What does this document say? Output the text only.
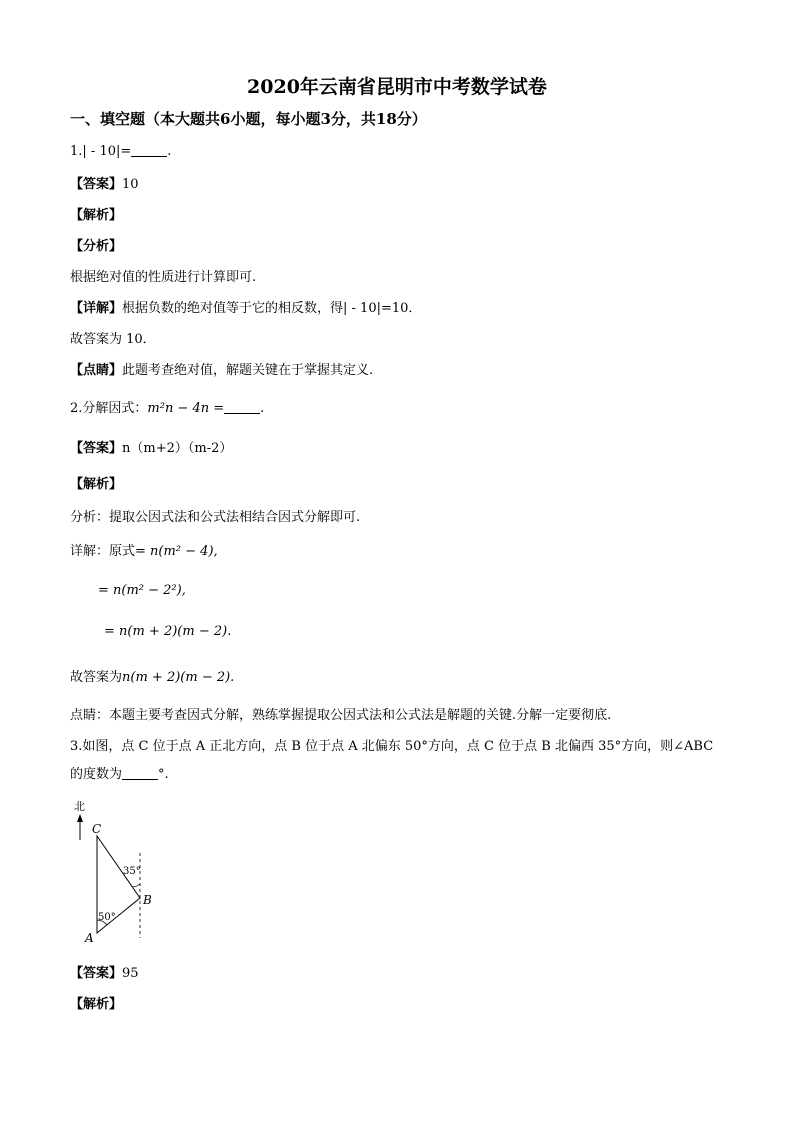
2020年云南省昆明市中考数学试卷
一、填空题（本大题共6小题，每小题3分，共18分）
1.| - 10|=	.
【答案】10
【解析】
【分析】
根据绝对值的性质进行计算即可.
【详解】根据负数的绝对值等于它的相反数，得| - 10|=10．
故答案为 10．
【点睛】此题考查绝对值，解题关键在于掌握其定义.
2.分解因式：m²n − 4n =	.
【答案】n（m+2）（m-2）
【解析】
分析：提取公因式法和公式法相结合因式分解即可.
详解：原式= n(m² − 4),
= n(m² − 2²),
= n(m + 2)(m − 2).
故答案为n(m + 2)(m − 2).
点睛：本题主要考查因式分解，熟练掌握提取公因式法和公式法是解题的关键.分解一定要彻底.
3.如图，点 C 位于点 A 正北方向，点 B 位于点 A 北偏东 50°方向，点 C 位于点 B 北偏西 35°方向，则∠ABC
的度数为	°.
北
C
B
A
35°
50°
【答案】95
【解析】
